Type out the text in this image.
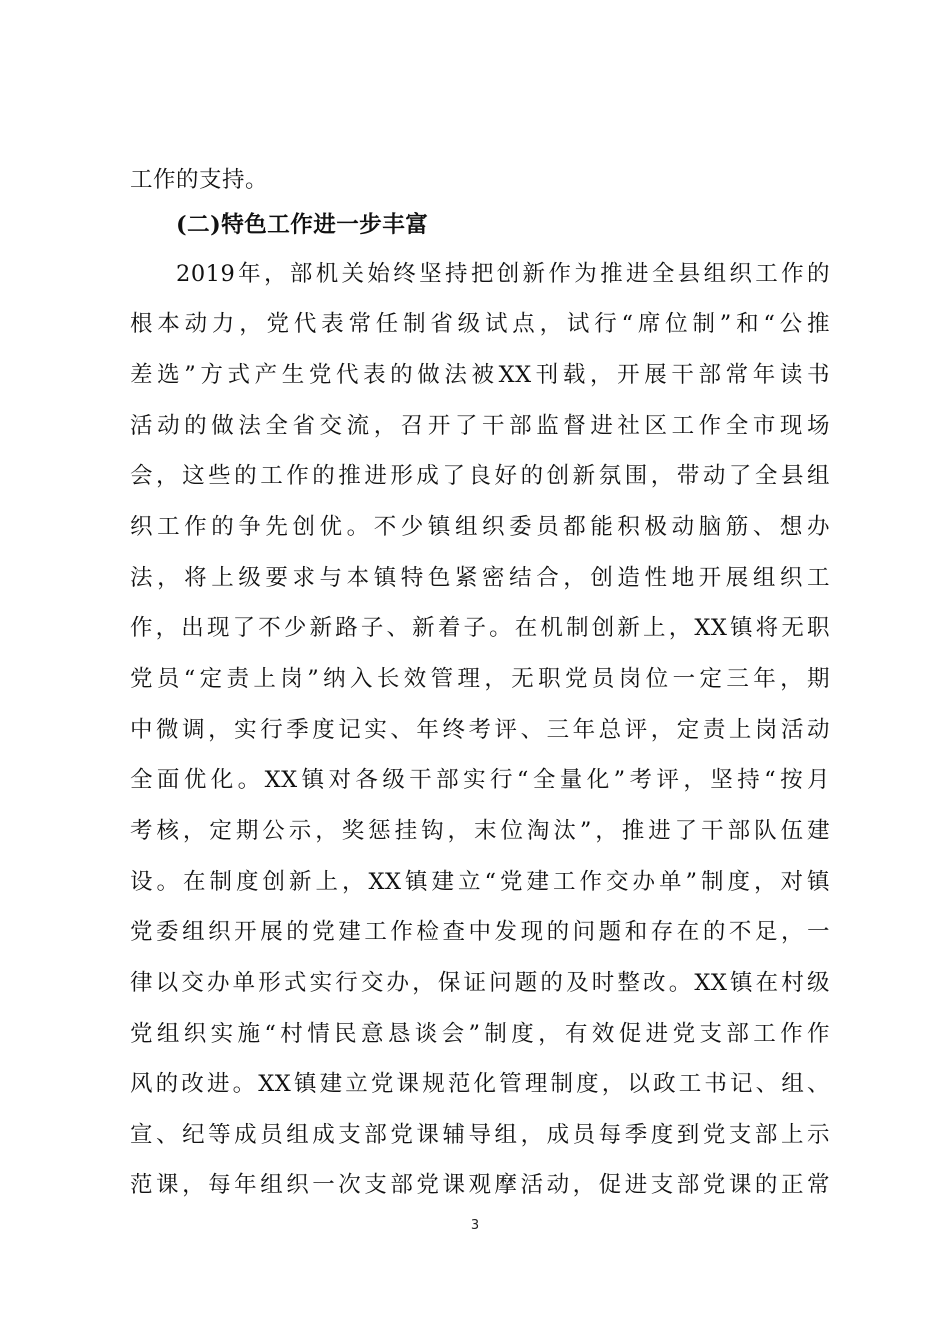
工作的支持。
(二)特色工作进一步丰富
2019年，部机关始终坚持把创新作为推进全县组织工作的
根本动力，党代表常任制省级试点，试行“席位制”和“公推
差选”方式产生党代表的做法被XX刊载，开展干部常年读书
活动的做法全省交流，召开了干部监督进社区工作全市现场
会，这些的工作的推进形成了良好的创新氛围，带动了全县组
织工作的争先创优。不少镇组织委员都能积极动脑筋、想办
法，将上级要求与本镇特色紧密结合，创造性地开展组织工
作，出现了不少新路子、新着子。在机制创新上，XX镇将无职
党员“定责上岗”纳入长效管理，无职党员岗位一定三年，期
中微调，实行季度记实、年终考评、三年总评，定责上岗活动
全面优化。XX镇对各级干部实行“全量化”考评，坚持“按月
考核，定期公示，奖惩挂钩，末位淘汰”，推进了干部队伍建
设。在制度创新上，XX镇建立“党建工作交办单”制度，对镇
党委组织开展的党建工作检查中发现的问题和存在的不足，一
律以交办单形式实行交办，保证问题的及时整改。XX镇在村级
党组织实施“村情民意恳谈会”制度，有效促进党支部工作作
风的改进。XX镇建立党课规范化管理制度，以政工书记、组、
宣、纪等成员组成支部党课辅导组，成员每季度到党支部上示
范课，每年组织一次支部党课观摩活动，促进支部党课的正常
3
